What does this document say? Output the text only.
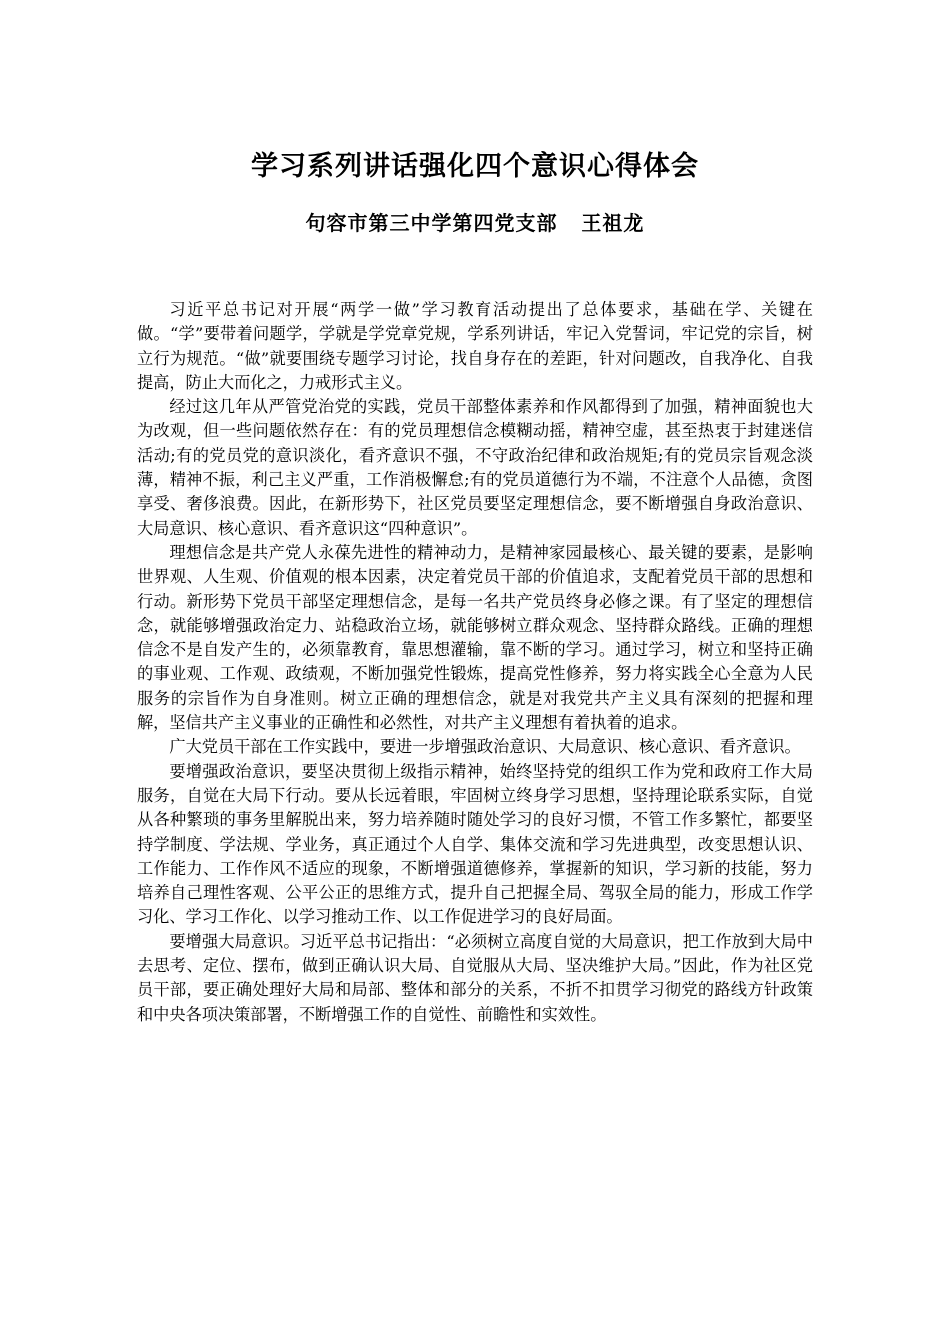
学习系列讲话强化四个意识心得体会
句容市第三中学第四党支部   王祖龙

习近平总书记对开展“两学一做”学习教育活动提出了总体要求，基础在学、关键在做。“学”要带着问题学，学就是学党章党规，学系列讲话，牢记入党誓词，牢记党的宗旨，树立行为规范。“做”就要围绕专题学习讨论，找自身存在的差距，针对问题改，自我净化、自我提高，防止大而化之，力戒形式主义。

经过这几年从严管党治党的实践，党员干部整体素养和作风都得到了加强，精神面貌也大为改观，但一些问题依然存在：有的党员理想信念模糊动摇，精神空虚，甚至热衷于封建迷信活动;有的党员党的意识淡化，看齐意识不强，不守政治纪律和政治规矩;有的党员宗旨观念淡薄，精神不振，利己主义严重，工作消极懈怠;有的党员道德行为不端，不注意个人品德，贪图享受、奢侈浪费。因此，在新形势下，社区党员要坚定理想信念，要不断增强自身政治意识、大局意识、核心意识、看齐意识这“四种意识”。

理想信念是共产党人永葆先进性的精神动力，是精神家园最核心、最关键的要素，是影响世界观、人生观、价值观的根本因素，决定着党员干部的价值追求，支配着党员干部的思想和行动。新形势下党员干部坚定理想信念，是每一名共产党员终身必修之课。有了坚定的理想信念，就能够增强政治定力、站稳政治立场，就能够树立群众观念、坚持群众路线。正确的理想信念不是自发产生的，必须靠教育，靠思想灌输，靠不断的学习。通过学习，树立和坚持正确的事业观、工作观、政绩观，不断加强党性锻炼，提高党性修养，努力将实践全心全意为人民服务的宗旨作为自身准则。树立正确的理想信念，就是对我党共产主义具有深刻的把握和理解，坚信共产主义事业的正确性和必然性，对共产主义理想有着执着的追求。

广大党员干部在工作实践中，要进一步增强政治意识、大局意识、核心意识、看齐意识。

要增强政治意识，要坚决贯彻上级指示精神，始终坚持党的组织工作为党和政府工作大局服务，自觉在大局下行动。要从长远着眼，牢固树立终身学习思想，坚持理论联系实际，自觉从各种繁琐的事务里解脱出来，努力培养随时随处学习的良好习惯，不管工作多繁忙，都要坚持学制度、学法规、学业务，真正通过个人自学、集体交流和学习先进典型，改变思想认识、工作能力、工作作风不适应的现象，不断增强道德修养，掌握新的知识，学习新的技能，努力培养自己理性客观、公平公正的思维方式，提升自己把握全局、驾驭全局的能力，形成工作学习化、学习工作化、以学习推动工作、以工作促进学习的良好局面。

要增强大局意识。习近平总书记指出：“必须树立高度自觉的大局意识，把工作放到大局中去思考、定位、摆布，做到正确认识大局、自觉服从大局、坚决维护大局。”因此，作为社区党员干部，要正确处理好大局和局部、整体和部分的关系，不折不扣贯学习彻党的路线方针政策和中央各项决策部署，不断增强工作的自觉性、前瞻性和实效性。
